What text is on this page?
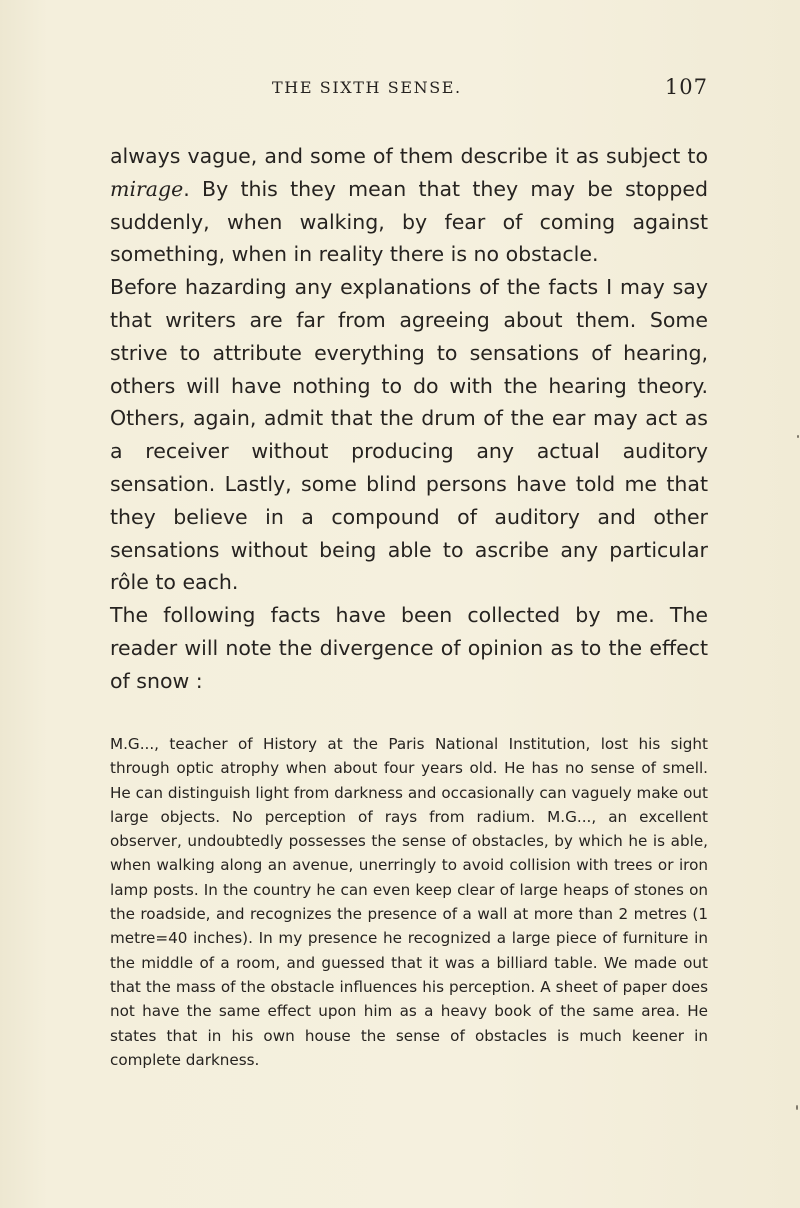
THE SIXTH SENSE.	107

always vague, and some of them describe it as subject to mirage. By this they mean that they may be stopped suddenly, when walking, by fear of coming against something, when in reality there is no obstacle.

Before hazarding any explanations of the facts I may say that writers are far from agreeing about them. Some strive to attribute everything to sensations of hearing, others will have nothing to do with the hearing theory. Others, again, admit that the drum of the ear may act as a receiver without producing any actual auditory sensation. Lastly, some blind persons have told me that they believe in a compound of auditory and other sensations without being able to ascribe any particular rôle to each.

The following facts have been collected by me. The reader will note the divergence of opinion as to the effect of snow :

M.G..., teacher of History at the Paris National Institution, lost his sight through optic atrophy when about four years old. He has no sense of smell. He can distinguish light from darkness and occasionally can vaguely make out large objects. No perception of rays from radium. M.G..., an excellent observer, undoubtedly possesses the sense of obstacles, by which he is able, when walking along an avenue, unerringly to avoid collision with trees or iron lamp posts. In the country he can even keep clear of large heaps of stones on the roadside, and recognizes the presence of a wall at more than 2 metres (1 metre=40 inches). In my presence he recognized a large piece of furniture in the middle of a room, and guessed that it was a billiard table. We made out that the mass of the obstacle influences his perception. A sheet of paper does not have the same effect upon him as a heavy book of the same area. He states that in his own house the sense of obstacles is much keener in complete darkness.
